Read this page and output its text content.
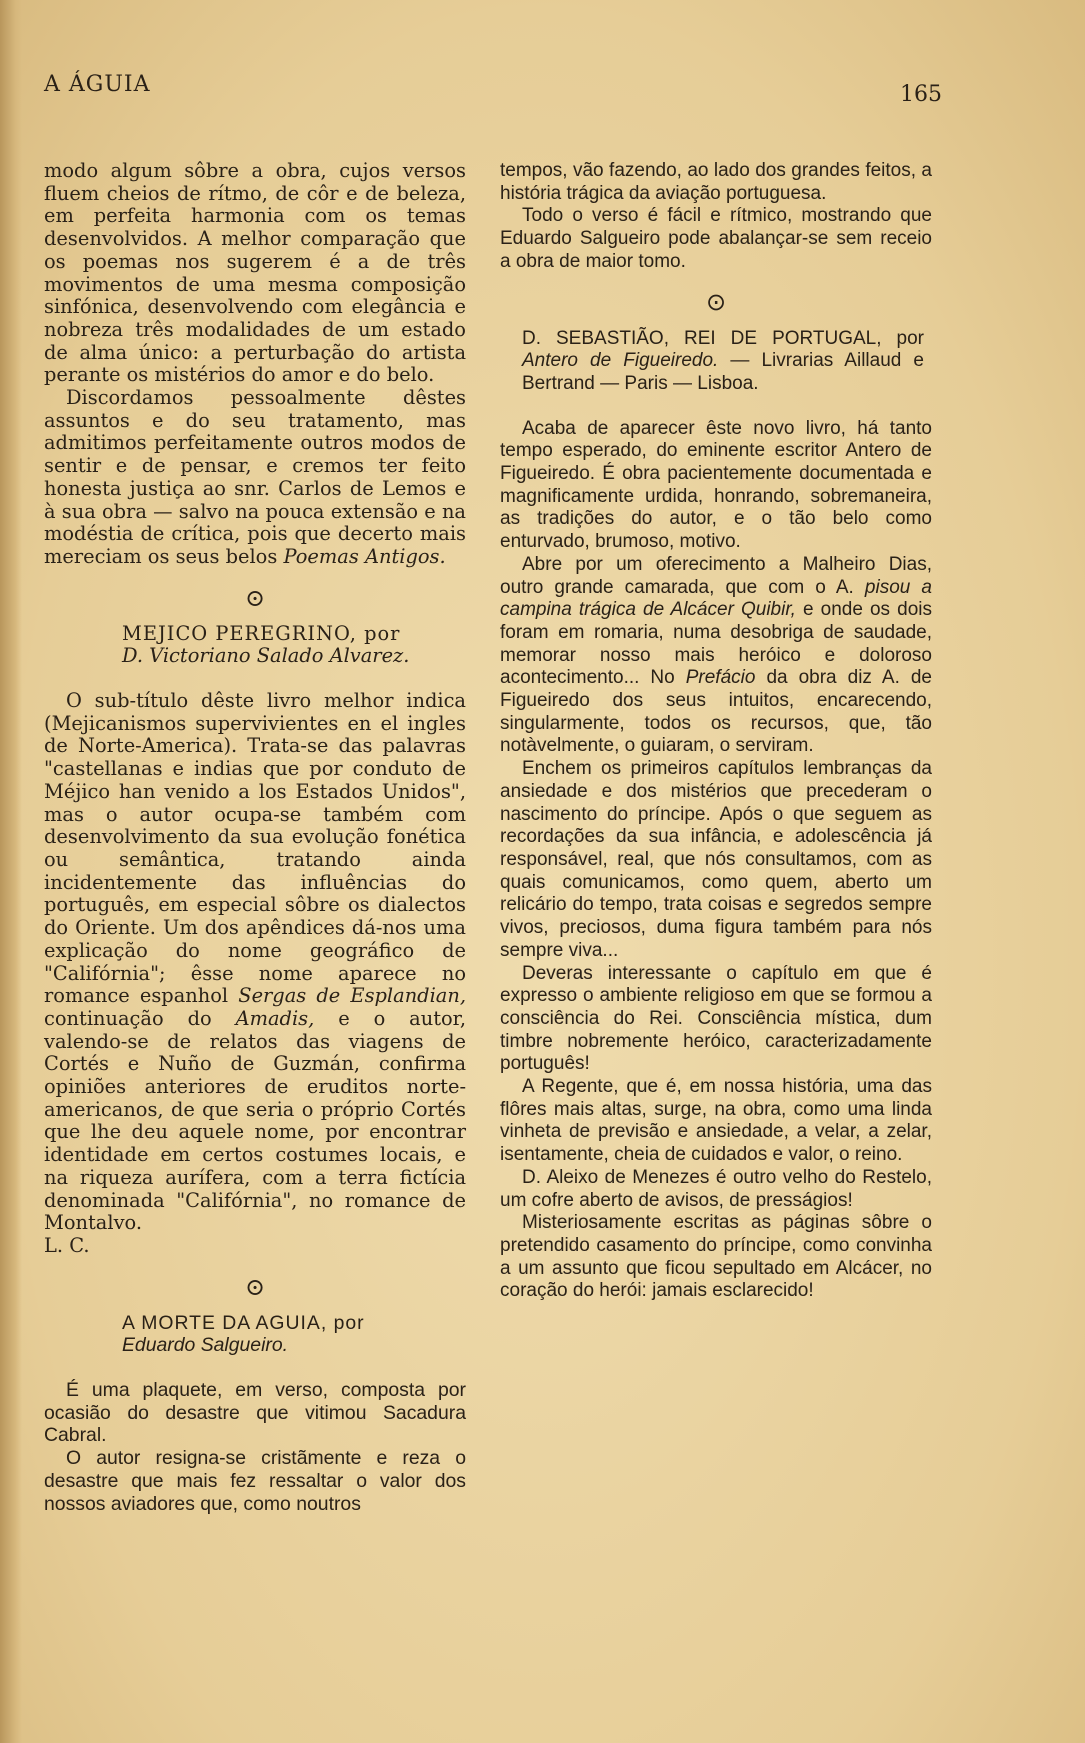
A ÁGUIA	165

modo algum sôbre a obra, cujos versos fluem cheios de rítmo, de côr e de beleza, em perfeita harmonia com os temas desenvolvidos. A melhor comparação que os poemas nos sugerem é a de três movimentos de uma mesma composição sinfónica, desenvolvendo com elegância e nobreza três modalidades de um estado de alma único: a perturbação do artista perante os mistérios do amor e do belo.

Discordamos pessoalmente dêstes assuntos e do seu tratamento, mas admitimos perfeitamente outros modos de sentir e de pensar, e cremos ter feito honesta justiça ao snr. Carlos de Lemos e à sua obra — salvo na pouca extensão e na modéstia de crítica, pois que decerto mais mereciam os seus belos Poemas Antigos.

⊙

MEJICO PEREGRINO, por
D. Victoriano Salado Alvarez.

O sub-título dêste livro melhor indica (Mejicanismos supervivientes en el ingles de Norte-America). Trata-se das palavras "castellanas e indias que por conduto de Méjico han venido a los Estados Unidos", mas o autor ocupa-se também com desenvolvimento da sua evolução fonética ou semântica, tratando ainda incidentemente das influências do português, em especial sôbre os dialectos do Oriente. Um dos apêndices dá-nos uma explicação do nome geográfico de "Califórnia"; êsse nome aparece no romance espanhol Sergas de Esplandian, continuação do Amadis, e o autor, valendo-se de relatos das viagens de Cortés e Nuño de Guzmán, confirma opiniões anteriores de eruditos norte-americanos, de que seria o próprio Cortés que lhe deu aquele nome, por encontrar identidade em certos costumes locais, e na riqueza aurífera, com a terra fictícia denominada "Califórnia", no romance de Montalvo.

L. C.

⊙

A MORTE DA AGUIA, por
Eduardo Salgueiro.

É uma plaquete, em verso, composta por ocasião do desastre que vitimou Sacadura Cabral.

O autor resigna-se cristãmente e reza o desastre que mais fez ressaltar o valor dos nossos aviadores que, como noutros

tempos, vão fazendo, ao lado dos grandes feitos, a história trágica da aviação portuguesa.

Todo o verso é fácil e rítmico, mostrando que Eduardo Salgueiro pode abalançar-se sem receio a obra de maior tomo.

⊙

D. SEBASTIÃO, REI DE PORTUGAL, por Antero de Figueiredo. — Livrarias Aillaud e Bertrand — Paris — Lisboa.

Acaba de aparecer êste novo livro, há tanto tempo esperado, do eminente escritor Antero de Figueiredo. É obra pacientemente documentada e magnificamente urdida, honrando, sobremaneira, as tradições do autor, e o tão belo como enturvado, brumoso, motivo.

Abre por um oferecimento a Malheiro Dias, outro grande camarada, que com o A. pisou a campina trágica de Alcácer Quibir, e onde os dois foram em romaria, numa desobriga de saudade, memorar nosso mais heróico e doloroso acontecimento... No Prefácio da obra diz A. de Figueiredo dos seus intuitos, encarecendo, singularmente, todos os recursos, que, tão notàvelmente, o guiaram, o serviram.

Enchem os primeiros capítulos lembranças da ansiedade e dos mistérios que precederam o nascimento do príncipe. Após o que seguem as recordações da sua infância, e adolescência já responsável, real, que nós consultamos, com as quais comunicamos, como quem, aberto um relicário do tempo, trata coisas e segredos sempre vivos, preciosos, duma figura também para nós sempre viva...

Deveras interessante o capítulo em que é expresso o ambiente religioso em que se formou a consciência do Rei. Consciência mística, dum timbre nobremente heróico, caracterizadamente português!

A Regente, que é, em nossa história, uma das flôres mais altas, surge, na obra, como uma linda vinheta de previsão e ansiedade, a velar, a zelar, isentamente, cheia de cuidados e valor, o reino.

D. Aleixo de Menezes é outro velho do Restelo, um cofre aberto de avisos, de presságios!

Misteriosamente escritas as páginas sôbre o pretendido casamento do príncipe, como convinha a um assunto que ficou sepultado em Alcácer, no coração do herói: jamais esclarecido!
